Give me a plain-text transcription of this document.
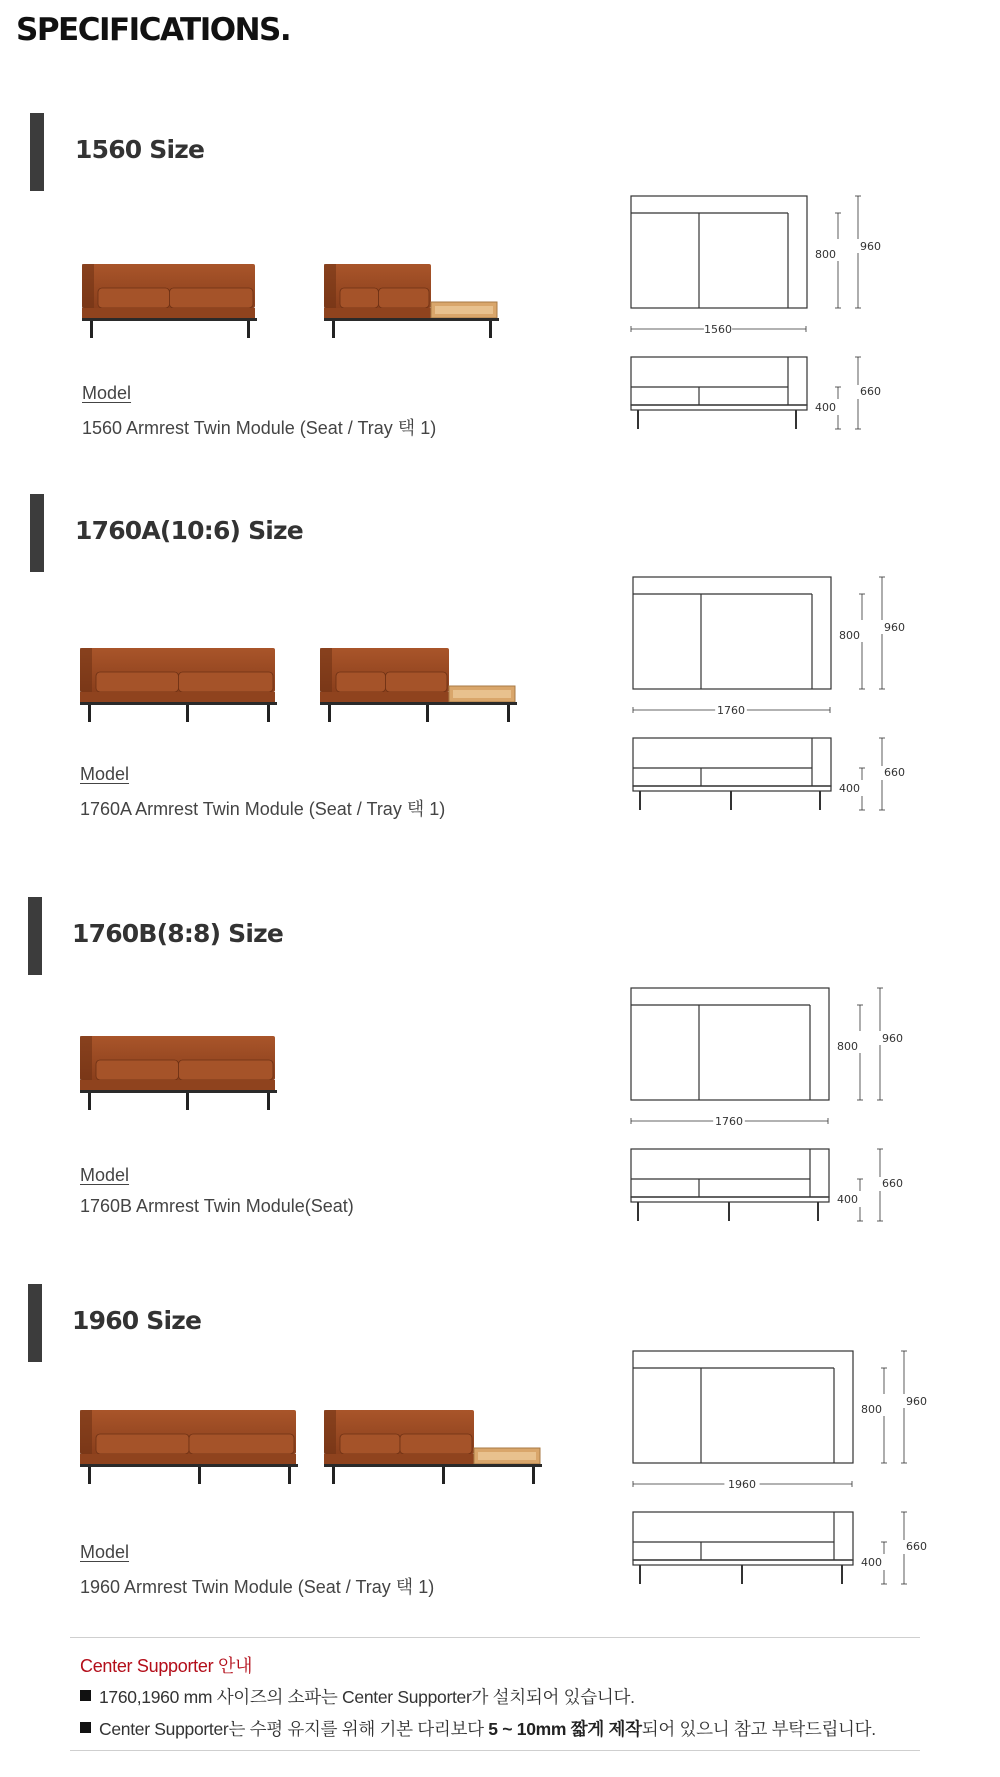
SPECIFICATIONS.
1560 Size
Model
1560 Armrest Twin Module (Seat / Tray 택 1)
1560
800
960
400
660
1760A(10:6) Size
Model
1760A Armrest Twin Module (Seat / Tray 택 1)
1760
800
960
400
660
1760B(8:8) Size
Model
1760B Armrest Twin Module(Seat)
1760
800
960
400
660
1960 Size
Model
1960 Armrest Twin Module (Seat / Tray 택 1)
1960
800
960
400
660
Center Supporter 안내
1760,1960 mm 사이즈의 소파는 Center Supporter가 설치되어 있습니다.
Center Supporter는 수평 유지를 위해 기본 다리보다 5 ~ 10mm 짧게 제작되어 있으니 참고 부탁드립니다.
